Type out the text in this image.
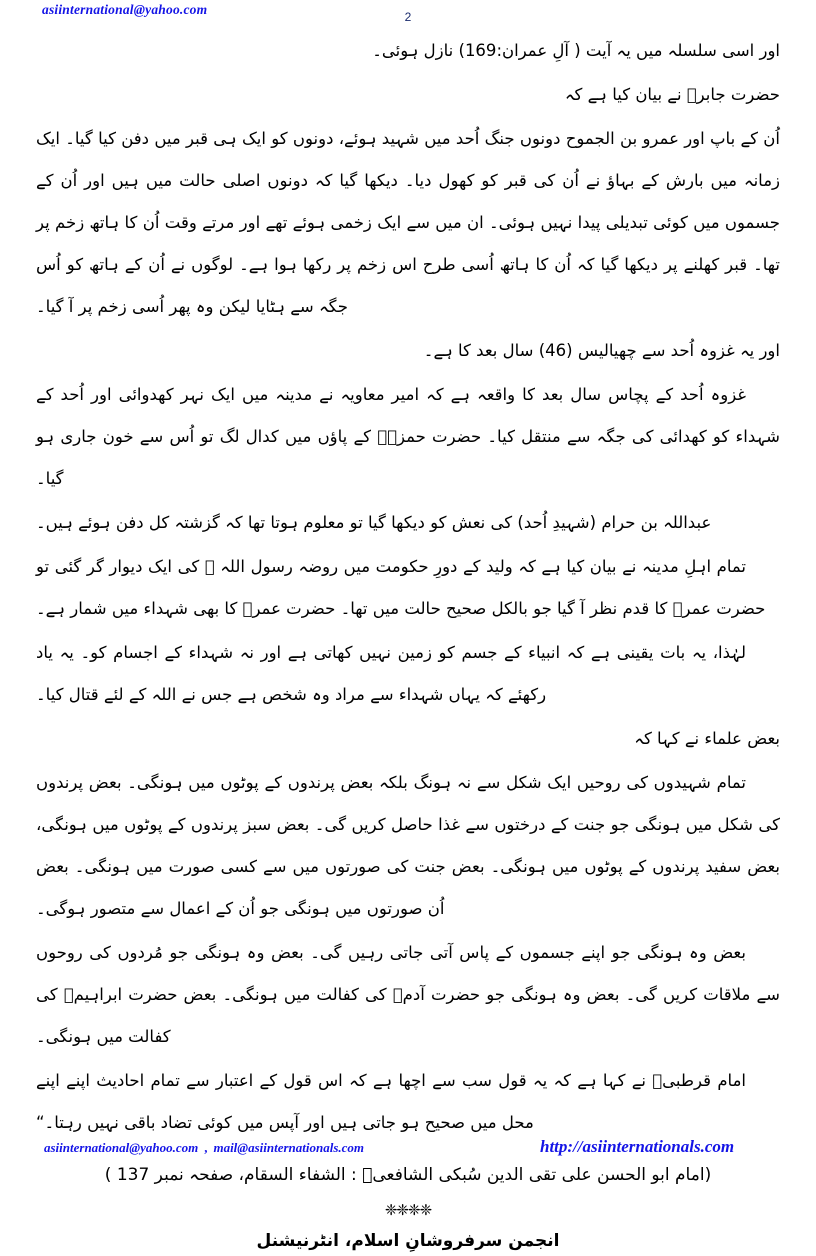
asiinternational@yahoo.com	2

اور اسی سلسلہ میں یہ آیت ( آلِ عمران:169) نازل ہوئی۔

حضرت جابرؓ نے بیان کیا ہے کہ

اُن کے باپ اور عمرو بن الجموح دونوں جنگ اُحد میں شہید ہوئے، دونوں کو ایک ہی قبر میں دفن کیا گیا۔ ایک زمانہ میں بارش کے بہاؤ نے اُن کی قبر کو کھول دیا۔ دیکھا گیا کہ دونوں اصلی حالت میں ہیں اور اُن کے جسموں میں کوئی تبدیلی پیدا نہیں ہوئی۔ ان میں سے ایک زخمی ہوئے تھے اور مرتے وقت اُن کا ہاتھ زخم پر تھا۔ قبر کھلنے پر دیکھا گیا کہ اُن کا ہاتھ اُسی طرح اس زخم پر رکھا ہوا ہے۔ لوگوں نے اُن کے ہاتھ کو اُس جگہ سے ہٹایا لیکن وہ پھر اُسی زخم پر آ گیا۔

اور یہ غزوہ اُحد سے چھیالیس (46) سال بعد کا ہے۔

غزوہ اُحد کے پچاس سال بعد کا واقعہ ہے کہ امیر معاویہ نے مدینہ میں ایک نہر کھدوائی اور اُحد کے شہداء کو کھدائی کی جگہ سے منتقل کیا۔ حضرت حمزہؓ کے پاؤں میں کدال لگ تو اُس سے خون جاری ہو گیا۔

عبداللہ بن حرام (شہیدِ اُحد) کی نعش کو دیکھا گیا تو معلوم ہوتا تھا کہ گزشتہ کل دفن ہوئے ہیں۔

تمام اہلِ مدینہ نے بیان کیا ہے کہ ولید کے دورِ حکومت میں روضہ رسول اللہ ﷺ کی ایک دیوار گر گئی تو حضرت عمرؓ کا قدم نظر آ گیا جو بالکل صحیح حالت میں تھا۔ حضرت عمرؓ کا بھی شہداء میں شمار ہے۔

لہٰذا، یہ بات یقینی ہے کہ انبیاء کے جسم کو زمین نہیں کھاتی ہے اور نہ شہداء کے اجسام کو۔ یہ یاد رکھئے کہ یہاں شہداء سے مراد وہ شخص ہے جس نے اللہ کے لئے قتال کیا۔

بعض علماء نے کہا کہ

تمام شہیدوں کی روحیں ایک شکل سے نہ ہونگ بلکہ بعض پرندوں کے پوٹوں میں ہونگی۔ بعض پرندوں کی شکل میں ہونگی جو جنت کے درختوں سے غذا حاصل کریں گی۔ بعض سبز پرندوں کے پوٹوں میں ہونگی، بعض سفید پرندوں کے پوٹوں میں ہونگی۔ بعض جنت کی صورتوں میں سے کسی صورت میں ہونگی۔ بعض اُن صورتوں میں ہونگی جو اُن کے اعمال سے متصور ہوگی۔

بعض وہ ہونگی جو اپنے جسموں کے پاس آتی جاتی رہیں گی۔ بعض وہ ہونگی جو مُردوں کی روحوں سے ملاقات کریں گی۔ بعض وہ ہونگی جو حضرت آدمؑ کی کفالت میں ہونگی۔ بعض حضرت ابراہیمؑ کی کفالت میں ہونگی۔

امام قرطبیؒ نے کہا ہے کہ یہ قول سب سے اچھا ہے کہ اس قول کے اعتبار سے تمام احادیث اپنے اپنے محل میں صحیح ہو جاتی ہیں اور آپس میں کوئی تضاد باقی نہیں رہتا۔“

(امام ابو الحسن علی تقی الدین سُبکی الشافعیؒ : الشفاء السقام، صفحہ نمبر 137 )
❈❈❈❈
انجمن سرفروشانِ اسلام، انٹرنیشنل
asiinternational@yahoo.com , mail@asiinternationals.com	http://asiinternationals.com
